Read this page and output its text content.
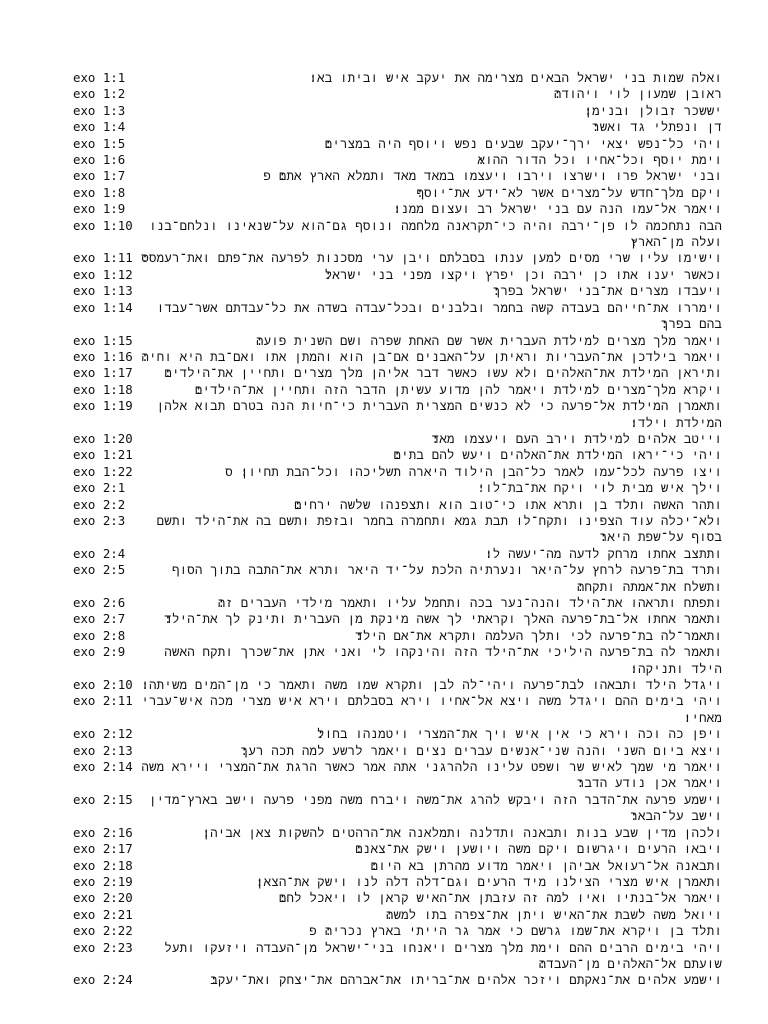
exo 1:1	ואלה שמות בני ישראל הבאים מצרימה את יעקב איש וביתו באו׃
exo 1:2	ראובן שמעון לוי ויהודה׃
exo 1:3	יששכר זבולן ובנימן׃
exo 1:4	דן ונפתלי גד ואשר׃
exo 1:5	ויהי כל־נפש יצאי ירך־יעקב שבעים נפש ויוסף היה במצרים׃
exo 1:6	וימת יוסף וכל־אחיו וכל הדור ההוא׃
exo 1:7	ובני ישראל פרו וישרצו וירבו ויעצמו במאד מאד ותמלא הארץ אתם׃ פ
exo 1:8	ויקם מלך־חדש על־מצרים אשר לא־ידע את־יוסף׃
exo 1:9	ויאמר אל־עמו הנה עם בני ישראל רב ועצום ממנו׃
exo 1:10	הבה נתחכמה לו פן־ירבה והיה כי־תקראנה מלחמה ונוסף גם־הוא על־שנאינו ונלחם־בנו ועלה מן־הארץ׃
exo 1:11 וישימו עליו שרי מסים למען ענתו בסבלתם ויבן ערי מסכנות לפרעה את־פתם ואת־רעמסס׃
exo 1:12	וכאשר יענו אתו כן ירבה וכן יפרץ ויקצו מפני בני ישראל׃
exo 1:13	ויעבדו מצרים את־בני ישראל בפרך׃
exo 1:14	וימררו את־חייהם בעבדה קשה בחמר ובלבנים ובכל־עבדה בשדה את כל־עבדתם אשר־עבדו בהם בפרך׃
exo 1:15	ויאמר מלך מצרים למילדת העברית אשר שם האחת שפרה ושם השנית פועה׃
exo 1:16 ויאמר בילדכן את־העבריות וראיתן על־האבנים אם־בן הוא והמתן אתו ואם־בת היא וחיה׃
exo 1:17	ותיראן המילדת את־האלהים ולא עשו כאשר דבר אליהן מלך מצרים ותחיין את־הילדים׃
exo 1:18	ויקרא מלך־מצרים למילדת ויאמר להן מדוע עשיתן הדבר הזה ותחיין את־הילדים׃
exo 1:19	ותאמרן המילדת אל־פרעה כי לא כנשים המצרית העברית כי־חיות הנה בטרם תבוא אלהן המילדת וילדו׃
exo 1:20	וייטב אלהים למילדת וירב העם ויעצמו מאד׃
exo 1:21	ויהי כי־יראו המילדת את־האלהים ויעש להם בתים׃
exo 1:22	ויצו פרעה לכל־עמו לאמר כל־הבן הילוד היארה תשליכהו וכל־הבת תחיון׃ ס
exo 2:1	וילך איש מבית לוי ויקח את־בת־לוי׃
exo 2:2	ותהר האשה ותלד בן ותרא אתו כי־טוב הוא ותצפנהו שלשה ירחים׃
exo 2:3	ולא־יכלה עוד הצפינו ותקח־לו תבת גמא ותחמרה בחמר ובזפת ותשם בה את־הילד ותשם בסוף על־שפת היאר׃
exo 2:4	ותתצב אחתו מרחק לדעה מה־יעשה לו׃
exo 2:5	ותרד בת־פרעה לרחץ על־היאר ונערתיה הלכת על־יד היאר ותרא את־התבה בתוך הסוף ותשלח את־אמתה ותקחה׃
exo 2:6	ותפתח ותראהו את־הילד והנה־נער בכה ותחמל עליו ותאמר מילדי העברים זה׃
exo 2:7	ותאמר אחתו אל־בת־פרעה האלך וקראתי לך אשה מינקת מן העברית ותינק לך את־הילד׃
exo 2:8	ותאמר־לה בת־פרעה לכי ותלך העלמה ותקרא את־אם הילד׃
exo 2:9	ותאמר לה בת־פרעה היליכי את־הילד הזה והינקהו לי ואני אתן את־שכרך ותקח האשה הילד ותניקהו׃
exo 2:10 ויגדל הילד ותבאהו לבת־פרעה ויהי־לה לבן ותקרא שמו משה ותאמר כי מן־המים משיתהו׃
exo 2:11 ויהי בימים ההם ויגדל משה ויצא אל־אחיו וירא בסבלתם וירא איש מצרי מכה איש־עברי מאחיו׃
exo 2:12	ויפן כה וכה וירא כי אין איש ויך את־המצרי ויטמנהו בחול׃
exo 2:13	ויצא ביום השני והנה שני־אנשים עברים נצים ויאמר לרשע למה תכה רעך׃
exo 2:14 ויאמר מי שמך לאיש שר ושפט עלינו הלהרגני אתה אמר כאשר הרגת את־המצרי ויירא משה ויאמר אכן נודע הדבר׃
exo 2:15	וישמע פרעה את־הדבר הזה ויבקש להרג את־משה ויברח משה מפני פרעה וישב בארץ־מדין וישב על־הבאר׃
exo 2:16	ולכהן מדין שבע בנות ותבאנה ותדלנה ותמלאנה את־הרהטים להשקות צאן אביהן׃
exo 2:17	ויבאו הרעים ויגרשום ויקם משה ויושען וישק את־צאנם׃
exo 2:18	ותבאנה אל־רעואל אביהן ויאמר מדוע מהרתן בא היום׃
exo 2:19	ותאמרן איש מצרי הצילנו מיד הרעים וגם־דלה דלה לנו וישק את־הצאן׃
exo 2:20	ויאמר אל־בנתיו ואיו למה זה עזבתן את־האיש קראן לו ויאכל לחם׃
exo 2:21	ויואל משה לשבת את־האיש ויתן את־צפרה בתו למשה׃
exo 2:22	ותלד בן ויקרא את־שמו גרשם כי אמר גר הייתי בארץ נכריה׃ פ
exo 2:23	ויהי בימים הרבים ההם וימת מלך מצרים ויאנחו בני־ישראל מן־העבדה ויזעקו ותעל שועתם אל־האלהים מן־העבדה׃
exo 2:24	וישמע אלהים את־נאקתם ויזכר אלהים את־בריתו את־אברהם את־יצחק ואת־יעקב׃
